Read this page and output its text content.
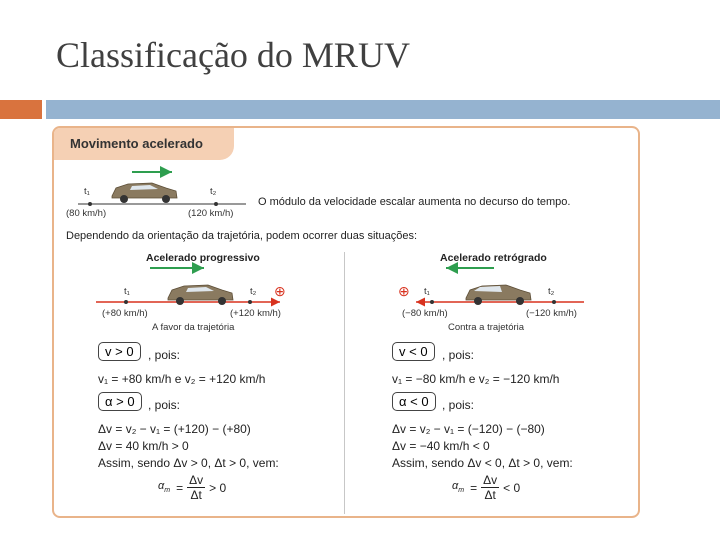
Classificação do MRUV
Movimento acelerado
t₁	t₂
(80 km/h)	(120 km/h)
O módulo da velocidade escalar aumenta no decurso do tempo.
Dependendo da orientação da trajetória, podem ocorrer duas situações:
Acelerado progressivo
t₁	t₂ ⊕
(+80 km/h)	(+120 km/h)
A favor da trajetória
v > 0	, pois:
v₁ = +80 km/h e v₂ = +120 km/h
α > 0	, pois:
Δv = v₂ − v₁ = (+120) − (+80)
Δv = 40 km/h > 0
Assim, sendo Δv > 0, Δt > 0, vem:
$\alpha_m = \frac{\Delta v}{\Delta t} > 0$
Acelerado retrógrado
⊕ t₁	t₂
(−80 km/h)	(−120 km/h)
Contra a trajetória
v < 0	, pois:
v₁ = −80 km/h e v₂ = −120 km/h
α < 0	, pois:
Δv = v₂ − v₁ = (−120) − (−80)
Δv = −40 km/h < 0
Assim, sendo Δv < 0, Δt > 0, vem:
$\alpha_m = \frac{\Delta v}{\Delta t} < 0$
